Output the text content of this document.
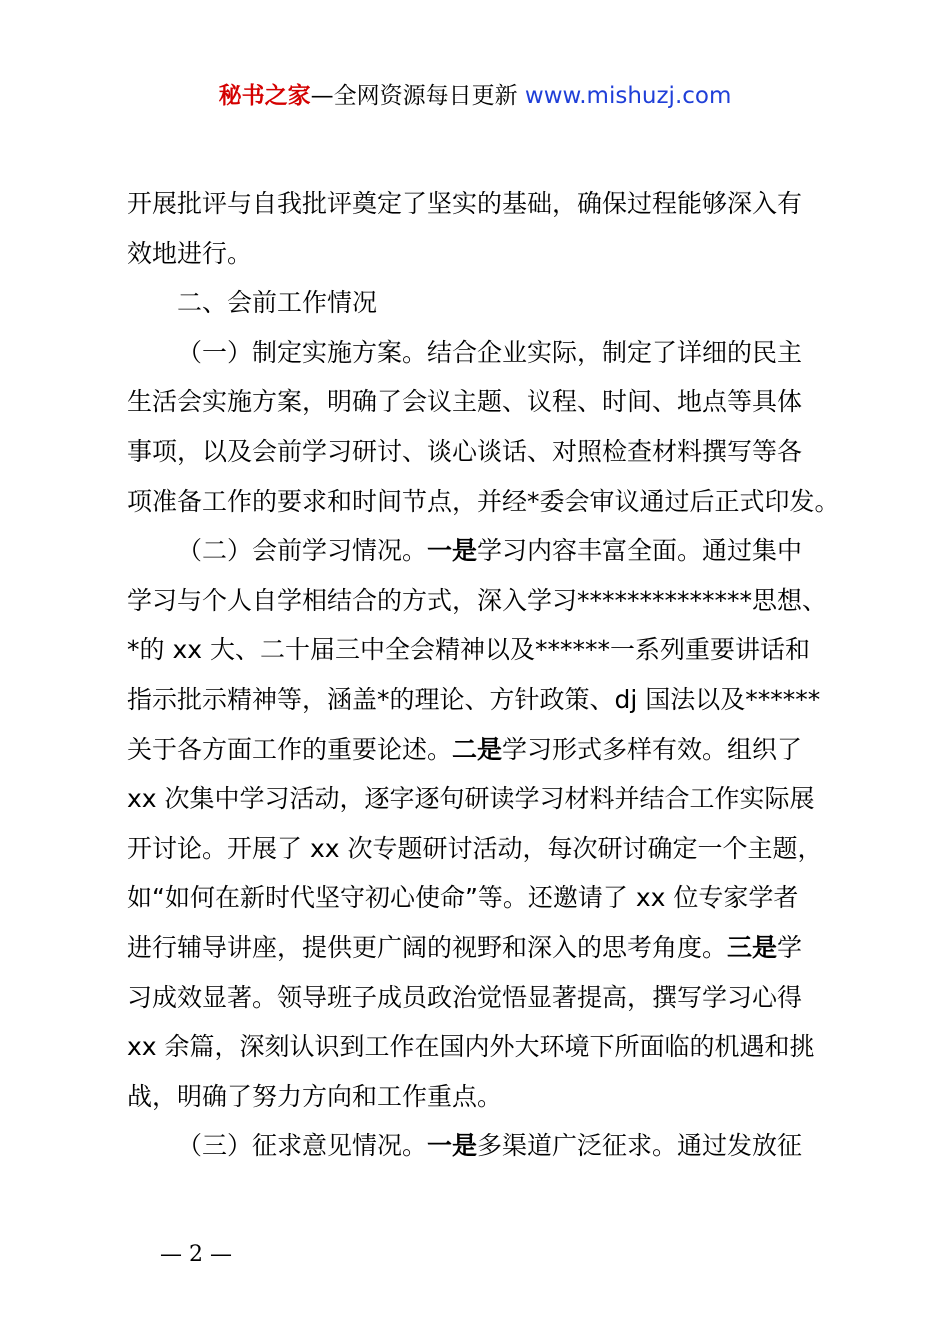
秘书之家—全网资源每日更新 www.mishuzj.com
开展批评与自我批评奠定了坚实的基础，确保过程能够深入有
效地进行。
二、会前工作情况
（一）制定实施方案。结合企业实际，制定了详细的民主
生活会实施方案，明确了会议主题、议程、时间、地点等具体
事项，以及会前学习研讨、谈心谈话、对照检查材料撰写等各
项准备工作的要求和时间节点，并经*委会审议通过后正式印发。
（二）会前学习情况。一是学习内容丰富全面。通过集中
学习与个人自学相结合的方式，深入学习**************思想、
*的 xx 大、二十届三中全会精神以及******一系列重要讲话和
指示批示精神等，涵盖*的理论、方针政策、dj 国法以及******
关于各方面工作的重要论述。二是学习形式多样有效。组织了
xx 次集中学习活动，逐字逐句研读学习材料并结合工作实际展
开讨论。开展了 xx 次专题研讨活动，每次研讨确定一个主题，
如“如何在新时代坚守初心使命”等。还邀请了 xx 位专家学者
进行辅导讲座，提供更广阔的视野和深入的思考角度。三是学
习成效显著。领导班子成员政治觉悟显著提高，撰写学习心得
xx 余篇，深刻认识到工作在国内外大环境下所面临的机遇和挑
战，明确了努力方向和工作重点。
（三）征求意见情况。一是多渠道广泛征求。通过发放征
— 2 —
